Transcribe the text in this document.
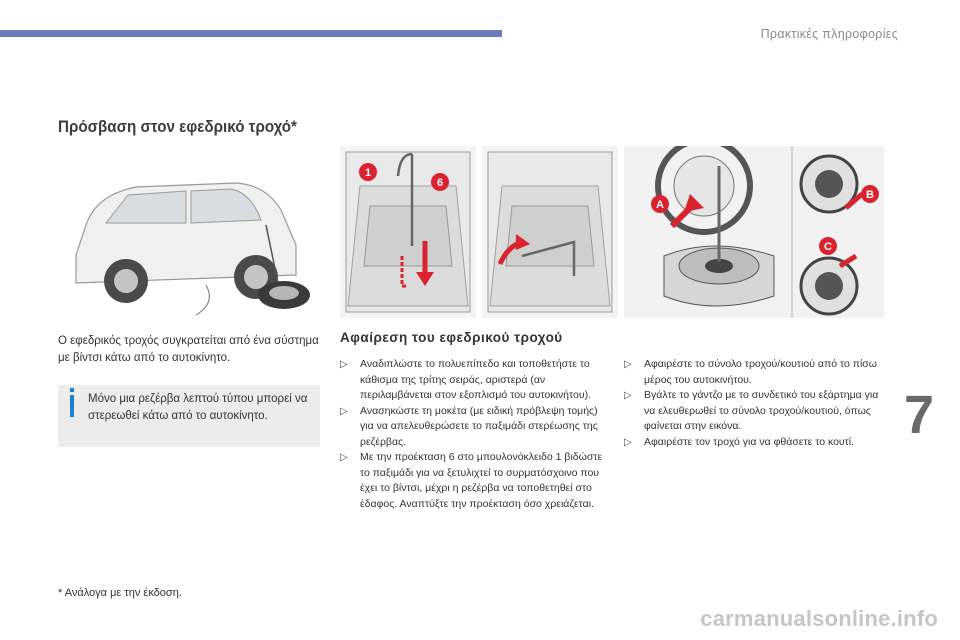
Πρακτικές πληροφορίες
7
Πρόσβαση στον εφεδρικό τροχό*
1
6
A
B
C
Ο εφεδρικός τροχός συγκρατείται από ένα σύστημα με βίντσι κάτω από το αυτοκίνητο.
Μόνο μια ρεζέρβα λεπτού τύπου μπορεί να στερεωθεί κάτω από το αυτοκίνητο.
Αφαίρεση του εφεδρικού τροχού
▷ Αναδιπλώστε το πολυεπίπεδο και τοποθετήστε το κάθισμα της τρίτης σειράς, αριστερά (αν περιλαμβάνεται στον εξοπλισμό του αυτοκινήτου).
▷ Ανασηκώστε τη μοκέτα (με ειδική πρόβλεψη τομής) για να απελευθερώσετε το παξιμάδι στερέωσης της ρεζέρβας.
▷ Με την προέκταση 6 στο μπουλονόκλειδο 1 βιδώστε το παξιμάδι για να ξετυλιχτεί το συρματόσχοινο που έχει το βίντσι, μέχρι η ρεζέρβα να τοποθετηθεί στο έδαφος. Αναπτύξτε την προέκταση όσο χρειάζεται.
▷ Αφαιρέστε το σύνολο τροχού/κουτιού από το πίσω μέρος του αυτοκινήτου.
▷ Βγάλτε το γάντζο με το συνδετικό του εξάρτημα για να ελευθερωθεί το σύνολο τροχού/κουτιού, όπως φαίνεται στην εικόνα.
▷ Αφαιρέστε τον τροχό για να φθάσετε το κουτί.
* Ανάλογα με την έκδοση.
carmanualsonline.info
